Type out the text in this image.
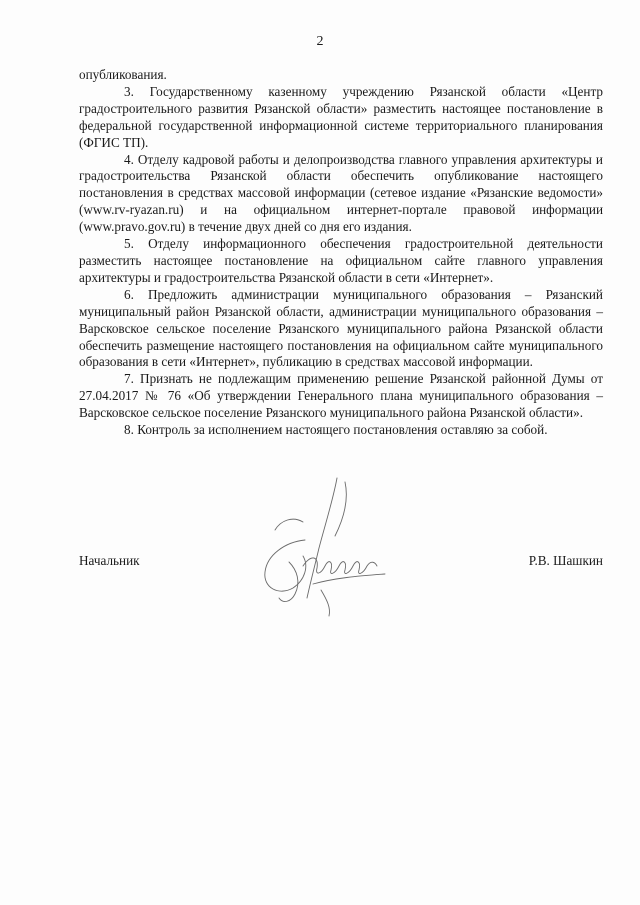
2

опубликования.

3. Государственному казенному учреждению Рязанской области «Центр градостроительного развития Рязанской области» разместить настоящее постановление в федеральной государственной информационной системе территориального планирования (ФГИС ТП).

4. Отделу кадровой работы и делопроизводства главного управления архитектуры и градостроительства Рязанской области обеспечить опубликование настоящего постановления в средствах массовой информации (сетевое издание «Рязанские ведомости» (www.rv-ryazan.ru) и на официальном интернет-портале правовой информации (www.pravo.gov.ru) в течение двух дней со дня его издания.

5. Отделу информационного обеспечения градостроительной деятельности разместить настоящее постановление на официальном сайте главного управления архитектуры и градостроительства Рязанской области в сети «Интернет».

6. Предложить администрации муниципального образования – Рязанский муниципальный район Рязанской области, администрации муниципального образования – Варсковское сельское поселение Рязанского муниципального района Рязанской области обеспечить размещение настоящего постановления на официальном сайте муниципального образования в сети «Интернет», публикацию в средствах массовой информации.

7. Признать не подлежащим применению решение Рязанской районной Думы от 27.04.2017 № 76 «Об утверждении Генерального плана муниципального образования – Варсковское сельское поселение Рязанского муниципального района Рязанской области».

8. Контроль за исполнением настоящего постановления оставляю за собой.

Начальник	Р.В. Шашкин
